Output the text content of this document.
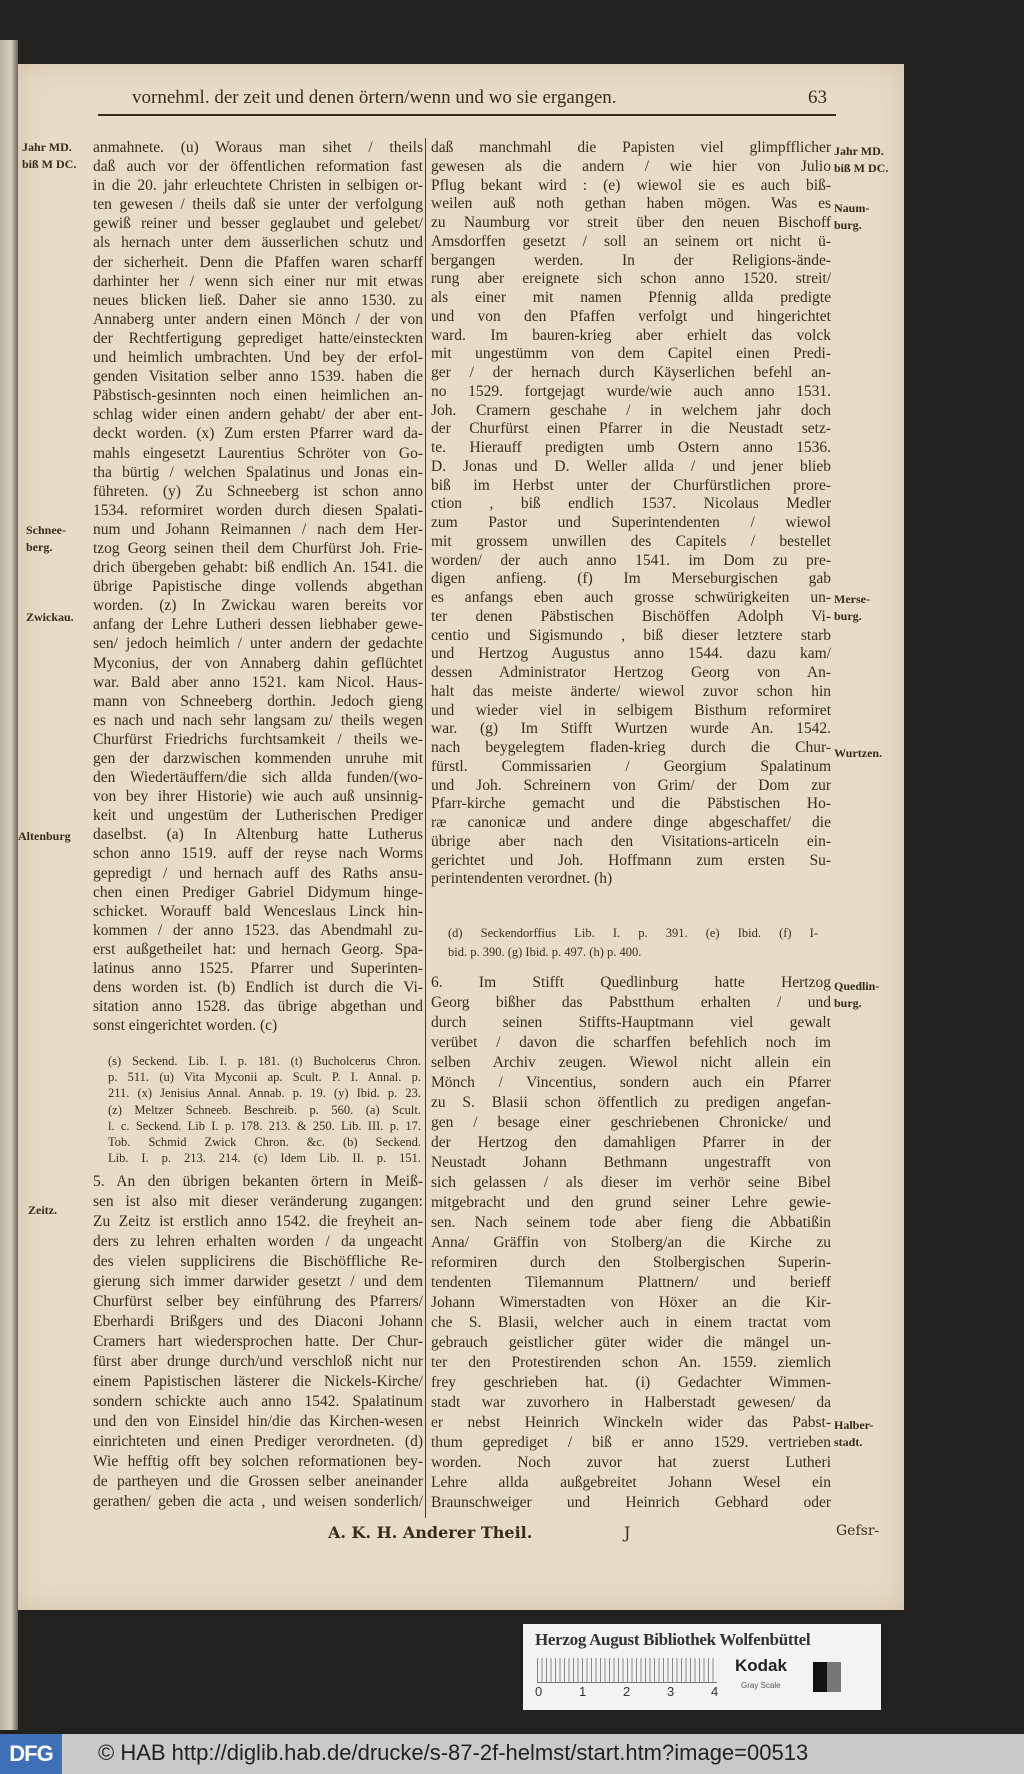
vornehml. der zeit und denen örtern/wenn und wo sie ergangen.	63
anmahnete. (u) Woraus man sihet / theils
daß auch vor der öffentlichen reformation fast
in die 20. jahr erleuchtete Christen in selbigen or-
ten gewesen / theils daß sie unter der verfolgung
gewiß reiner und besser geglaubet und gelebet/
als hernach unter dem äusserlichen schutz und
der sicherheit. Denn die Pfaffen waren scharff
darhinter her / wenn sich einer nur mit etwas
neues blicken ließ. Daher sie anno 1530. zu
Annaberg unter andern einen Mönch / der von
der Rechtfertigung geprediget hatte/einsteckten
und heimlich umbrachten. Und bey der erfol-
genden Visitation selber anno 1539. haben die
Päbstisch-gesinnten noch einen heimlichen an-
schlag wider einen andern gehabt/ der aber ent-
deckt worden. (x) Zum ersten Pfarrer ward da-
mahls eingesetzt Laurentius Schröter von Go-
tha bürtig / welchen Spalatinus und Jonas ein-
führeten. (y) Zu Schneeberg ist schon anno
1534. reformiret worden durch diesen Spalati-
num und Johann Reimannen / nach dem Her-
tzog Georg seinen theil dem Churfürst Joh. Frie-
drich übergeben gehabt: biß endlich An. 1541. die
übrige Papistische dinge vollends abgethan
worden. (z) In Zwickau waren bereits vor
anfang der Lehre Lutheri dessen liebhaber gewe-
sen/ jedoch heimlich / unter andern der gedachte
Myconius, der von Annaberg dahin geflüchtet
war. Bald aber anno 1521. kam Nicol. Haus-
mann von Schneeberg dorthin. Jedoch gieng
es nach und nach sehr langsam zu/ theils wegen
Churfürst Friedrichs furchtsamkeit / theils we-
gen der darzwischen kommenden unruhe mit
den Wiedertäuffern/die sich allda funden/(wo-
von bey ihrer Historie) wie auch auß unsinnig-
keit und ungestüm der Lutherischen Prediger
daselbst. (a) In Altenburg hatte Lutherus
schon anno 1519. auff der reyse nach Worms
gepredigt / und hernach auff des Raths ansu-
chen einen Prediger Gabriel Didymum hinge-
schicket. Worauff bald Wenceslaus Linck hin-
kommen / der anno 1523. das Abendmahl zu-
erst außgetheilet hat: und hernach Georg. Spa-
latinus anno 1525. Pfarrer und Superinten-
dens worden ist. (b) Endlich ist durch die Vi-
sitation anno 1528. das übrige abgethan und
sonst eingerichtet worden. (c)
(s) Seckend. Lib. I. p. 181. (t) Bucholcerus Chron.
p. 511. (u) Vita Myconii ap. Scult. P. I. Annal. p.
211. (x) Jenisius Annal. Annab. p. 19. (y) Ibid. p. 23.
(z) Meltzer Schneeb. Beschreib. p. 560. (a) Scult.
l. c. Seckend. Lib I. p. 178. 213. & 250. Lib. III. p. 17.
Tob. Schmid Zwick Chron. &c. (b) Seckend.
Lib. I. p. 213. 214. (c) Idem Lib. II. p. 151.
5. An den übrigen bekanten örtern in Meiß-
sen ist also mit dieser veränderung zugangen:
Zu Zeitz ist erstlich anno 1542. die freyheit an-
ders zu lehren erhalten worden / da ungeacht
des vielen supplicirens die Bischöffliche Re-
gierung sich immer darwider gesetzt / und dem
Churfürst selber bey einführung des Pfarrers/
Eberhardi Brißgers und des Diaconi Johann
Cramers hart wiedersprochen hatte. Der Chur-
fürst aber drunge durch/und verschloß nicht nur
einem Papistischen lästerer die Nickels-Kirche/
sondern schickte auch anno 1542. Spalatinum
und den von Einsidel hin/die das Kirchen-wesen
einrichteten und einen Prediger verordneten. (d)
Wie hefftig offt bey solchen reformationen bey-
de partheyen und die Grossen selber aneinander
gerathen/ geben die acta , und weisen sonderlich/
daß manchmahl die Papisten viel glimpfflicher
gewesen als die andern / wie hier von Julio
Pflug bekant wird : (e) wiewol sie es auch biß-
weilen auß noth gethan haben mögen. Was es
zu Naumburg vor streit über den neuen Bischoff
Amsdorffen gesetzt / soll an seinem ort nicht ü-
bergangen werden. In der Religions-ände-
rung aber ereignete sich schon anno 1520. streit/
als einer mit namen Pfennig allda predigte
und von den Pfaffen verfolgt und hingerichtet
ward. Im bauren-krieg aber erhielt das volck
mit ungestümm von dem Capitel einen Predi-
ger / der hernach durch Käyserlichen befehl an-
no 1529. fortgejagt wurde/wie auch anno 1531.
Joh. Cramern geschahe / in welchem jahr doch
der Churfürst einen Pfarrer in die Neustadt setz-
te. Hierauff predigten umb Ostern anno 1536.
D. Jonas und D. Weller allda / und jener blieb
biß im Herbst unter der Churfürstlichen prore-
ction , biß endlich 1537. Nicolaus Medler
zum Pastor und Superintendenten / wiewol
mit grossem unwillen des Capitels / bestellet
worden/ der auch anno 1541. im Dom zu pre-
digen anfieng. (f) Im Merseburgischen gab
es anfangs eben auch grosse schwürigkeiten un-
ter denen Päbstischen Bischöffen Adolph Vi-
centio und Sigismundo , biß dieser letztere starb
und Hertzog Augustus anno 1544. dazu kam/
dessen Administrator Hertzog Georg von An-
halt das meiste änderte/ wiewol zuvor schon hin
und wieder viel in selbigem Bisthum reformiret
war. (g) Im Stifft Wurtzen wurde An. 1542.
nach beygelegtem fladen-krieg durch die Chur-
fürstl. Commissarien / Georgium Spalatinum
und Joh. Schreinern von Grim/ der Dom zur
Pfarr-kirche gemacht und die Päbstischen Ho-
ræ canonicæ und andere dinge abgeschaffet/ die
übrige aber nach den Visitations-articeln ein-
gerichtet und Joh. Hoffmann zum ersten Su-
perintendenten verordnet. (h)
(d) Seckendorffius Lib. I. p. 391. (e) Ibid. (f) I-
bid. p. 390. (g) Ibid. p. 497. (h) p. 400.
6. Im Stifft Quedlinburg hatte Hertzog
Georg bißher das Pabstthum erhalten / und
durch seinen Stiffts-Hauptmann viel gewalt
verübet / davon die scharffen befehlich noch im
selben Archiv zeugen. Wiewol nicht allein ein
Mönch / Vincentius, sondern auch ein Pfarrer
zu S. Blasii schon öffentlich zu predigen angefan-
gen / besage einer geschriebenen Chronicke/ und
der Hertzog den damahligen Pfarrer in der
Neustadt Johann Bethmann ungestrafft von
sich gelassen / als dieser im verhör seine Bibel
mitgebracht und den grund seiner Lehre gewie-
sen. Nach seinem tode aber fieng die Abbatißin
Anna/ Gräffin von Stolberg/an die Kirche zu
reformiren durch den Stolbergischen Superin-
tendenten Tilemannum Plattnern/ und berieff
Johann Wimerstadten von Höxer an die Kir-
che S. Blasii, welcher auch in einem tractat vom
gebrauch geistlicher güter wider die mängel un-
ter den Protestirenden schon An. 1559. ziemlich
frey geschrieben hat. (i) Gedachter Wimmen-
stadt war zuvorhero in Halberstadt gewesen/ da
er nebst Heinrich Winckeln wider das Pabst-
thum geprediget / biß er anno 1529. vertrieben
worden. Noch zuvor hat zuerst Lutheri
Lehre allda außgebreitet Johann Wesel ein
Braunschweiger und Heinrich Gebhard oder
Jahr MD.
biß M DC.
Schnee-
berg.
Zwickau.
Altenburg
Zeitz.
Jahr MD.
biß M DC.
Naum-
burg.
Merse-
burg.
Wurtzen.
Quedlin-
burg.
Halber-
stadt.
A. K. H. Anderer Theil.	J	Gefsr-
Herzog August Bibliothek Wolfenbüttel
0	1	2	3	4
Kodak
Gray Scale
DFG	© HAB http://diglib.hab.de/drucke/s-87-2f-helmst/start.htm?image=00513
